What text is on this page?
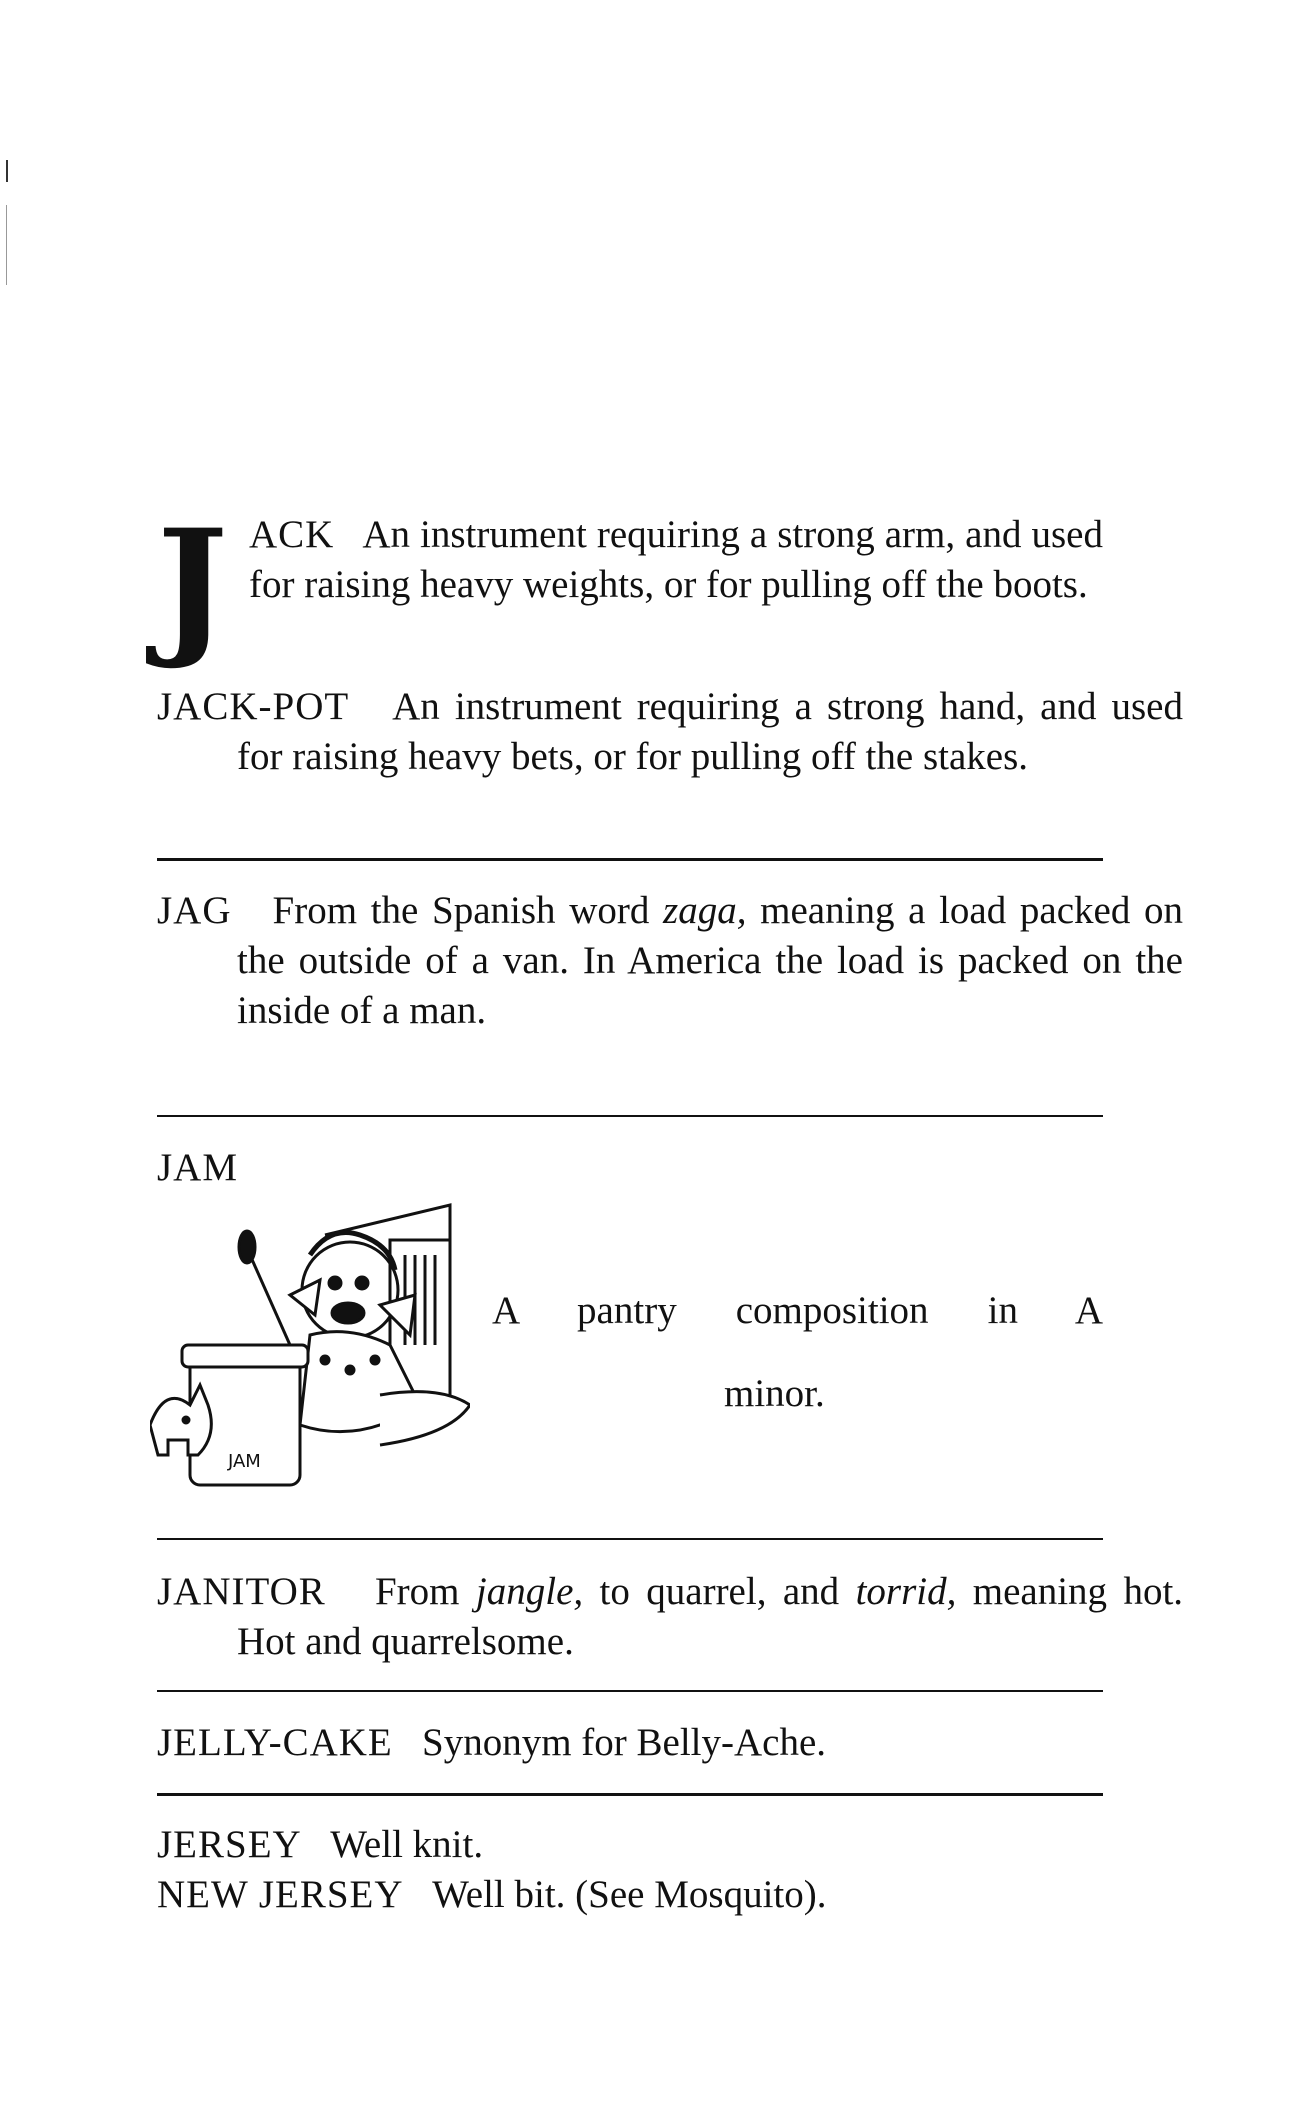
J ACK An instrument requiring a strong arm, and used for raising heavy weights, or for pulling off the boots.
JACK-POT An instrument requiring a strong hand, and used for raising heavy bets, or for pulling off the stakes.
JAG From the Spanish word zaga, meaning a load packed on the outside of a van. In America the load is packed on the inside of a man.
JAM
JAM
A pantry composition in A
minor.
JANITOR From jangle, to quarrel, and torrid, meaning hot. Hot and quarrelsome.
JELLY-CAKE Synonym for Belly-Ache.
JERSEY Well knit.
NEW JERSEY Well bit. (See Mosquito).
